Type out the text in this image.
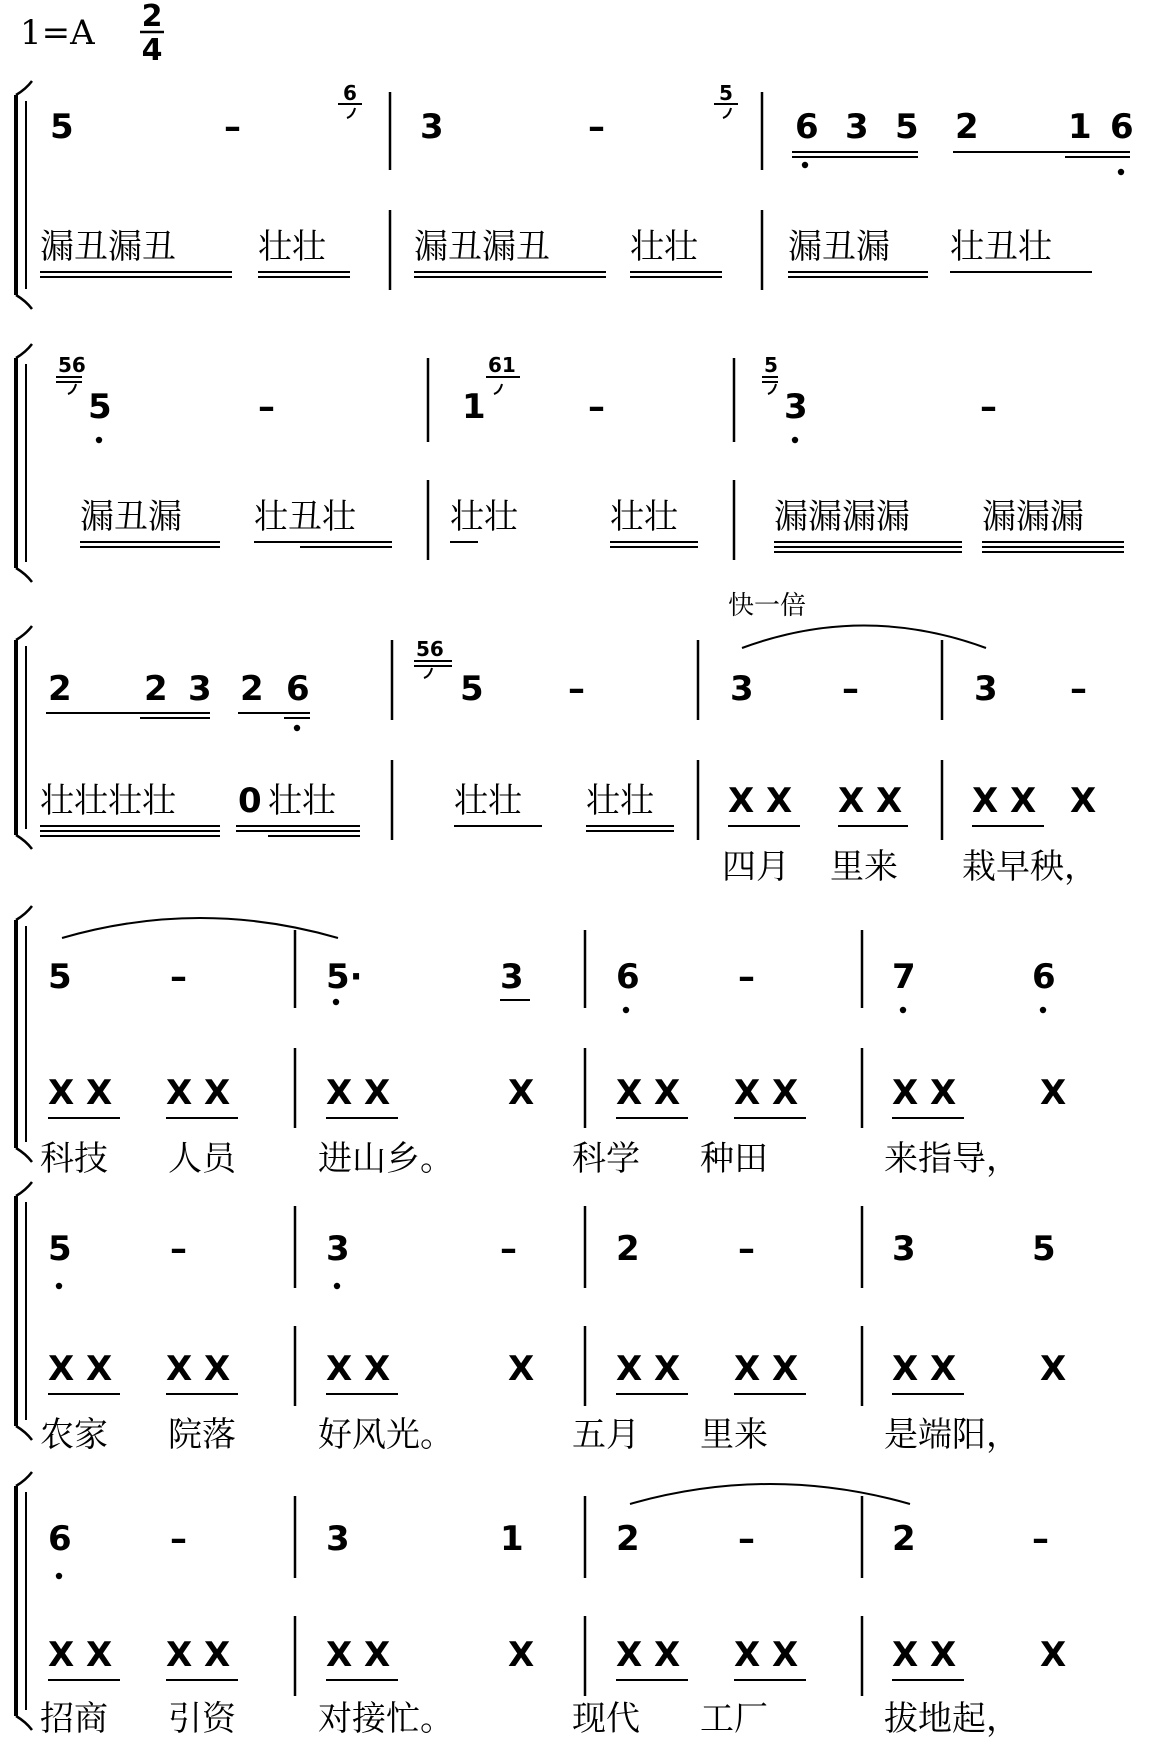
1=A 2
4
5	–
6
3	–
5
6 3 5 2	1 6
漏丑漏丑 壮壮	漏丑漏丑 壮壮	漏丑漏 壮丑壮
56
5	–	1
61
–
5
3	–
漏丑漏 壮丑壮	壮壮	壮壮	漏漏漏漏 漏漏漏
快一倍
2 2 3 2 6
56
5 –	3	–	3 –
壮壮壮壮 0 壮壮	壮壮 壮壮 X X X X X X X
四月 里来 栽早秧，
5	–	5·	3	6	–	7	6
X X X X	X X	X X X X X	X X X
科技 人员 进山乡。	科学 种田	来指导，
5	–	3	–	2	–	3	5
X X X X	X X	X X X X X	X X X
农家 院落 好风光。	五月 里来	是端阳，
6	–	3	1	2	–	2	–
X X X X	X X	X X X X X	X X X
招商 引资 对接忙。	现代 工厂	拔地起，
